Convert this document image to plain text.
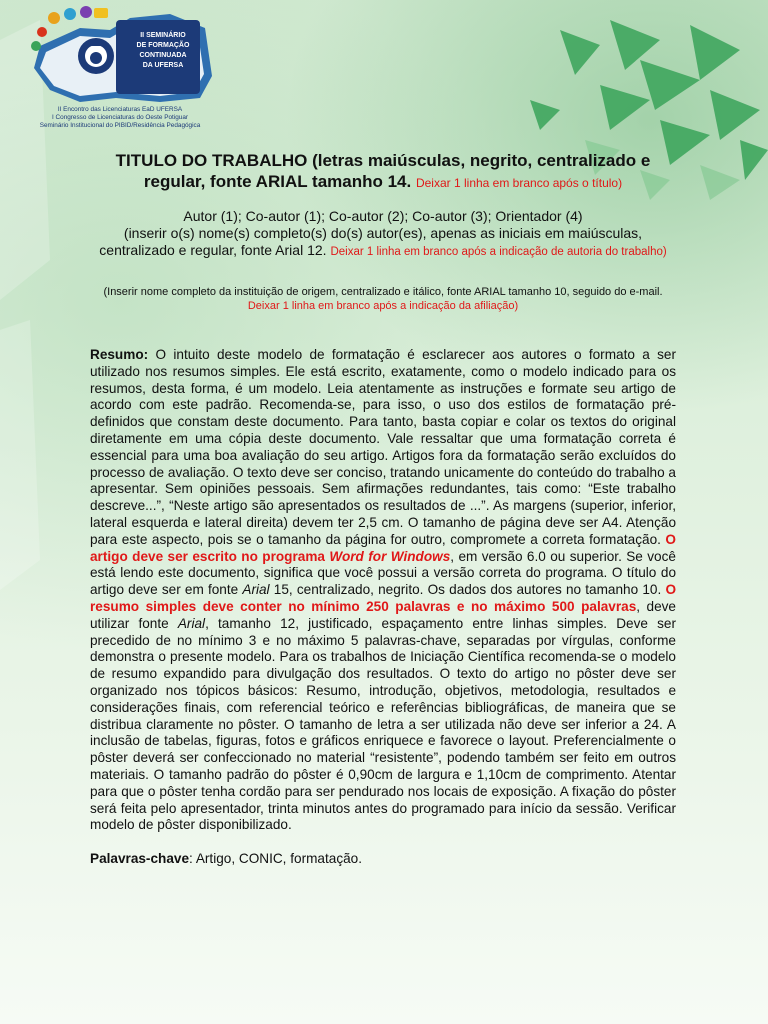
II SEMINÁRIO
DE FORMAÇÃO
CONTINUADA
DA UFERSA
II Encontro das Licenciaturas EaD UFERSA
I Congresso de Licenciaturas do Oeste Potiguar
Seminário Institucional do PIBID/Residência Pedagógica

TITULO DO TRABALHO (letras maiúsculas, negrito, centralizado e regular, fonte ARIAL tamanho 14. Deixar 1 linha em branco após o título)

Autor (1); Co-autor (1); Co-autor (2); Co-autor (3); Orientador (4)
(inserir o(s) nome(s) completo(s) do(s) autor(es), apenas as iniciais em maiúsculas, centralizado e regular, fonte Arial 12. Deixar 1 linha em branco após a indicação de autoria do trabalho)
(Inserir nome completo da instituição de origem, centralizado e itálico, fonte ARIAL tamanho 10, seguido do e-mail. Deixar 1 linha em branco após a indicação da afiliação)
Resumo: O intuito deste modelo de formatação é esclarecer aos autores o formato a ser utilizado nos resumos simples. Ele está escrito, exatamente, como o modelo indicado para os resumos, desta forma, é um modelo. Leia atentamente as instruções e formate seu artigo de acordo com este padrão. Recomenda-se, para isso, o uso dos estilos de formatação pré-definidos que constam deste documento. Para tanto, basta copiar e colar os textos do original diretamente em uma cópia deste documento. Vale ressaltar que uma formatação correta é essencial para uma boa avaliação do seu artigo. Artigos fora da formatação serão excluídos do processo de avaliação. O texto deve ser conciso, tratando unicamente do conteúdo do trabalho a apresentar. Sem opiniões pessoais. Sem afirmações redundantes, tais como: “Este trabalho descreve...”, “Neste artigo são apresentados os resultados de ...”. As margens (superior, inferior, lateral esquerda e lateral direita) devem ter 2,5 cm. O tamanho de página deve ser A4. Atenção para este aspecto, pois se o tamanho da página for outro, compromete a correta formatação. O artigo deve ser escrito no programa Word for Windows, em versão 6.0 ou superior. Se você está lendo este documento, significa que você possui a versão correta do programa. O título do artigo deve ser em fonte Arial 15, centralizado, negrito. Os dados dos autores no tamanho 10. O resumo simples deve conter no mínimo 250 palavras e no máximo 500 palavras, deve utilizar fonte Arial, tamanho 12, justificado, espaçamento entre linhas simples. Deve ser precedido de no mínimo 3 e no máximo 5 palavras-chave, separadas por vírgulas, conforme demonstra o presente modelo. Para os trabalhos de Iniciação Científica recomenda-se o modelo de resumo expandido para divulgação dos resultados. O texto do artigo no pôster deve ser organizado nos tópicos básicos: Resumo, introdução, objetivos, metodologia, resultados e considerações finais, com referencial teórico e referências bibliográficas, de maneira que se distribua claramente no pôster. O tamanho de letra a ser utilizada não deve ser inferior a 24. A inclusão de tabelas, figuras, fotos e gráficos enriquece e favorece o layout. Preferencialmente o pôster deverá ser confeccionado no material “resistente”, podendo também ser feito em outros materiais. O tamanho padrão do pôster é 0,90cm de largura e 1,10cm de comprimento. Atentar para que o pôster tenha cordão para ser pendurado nos locais de exposição. A fixação do pôster será feita pelo apresentador, trinta minutos antes do programado para início da sessão. Verificar modelo de pôster disponibilizado.
Palavras-chave: Artigo, CONIC, formatação.
